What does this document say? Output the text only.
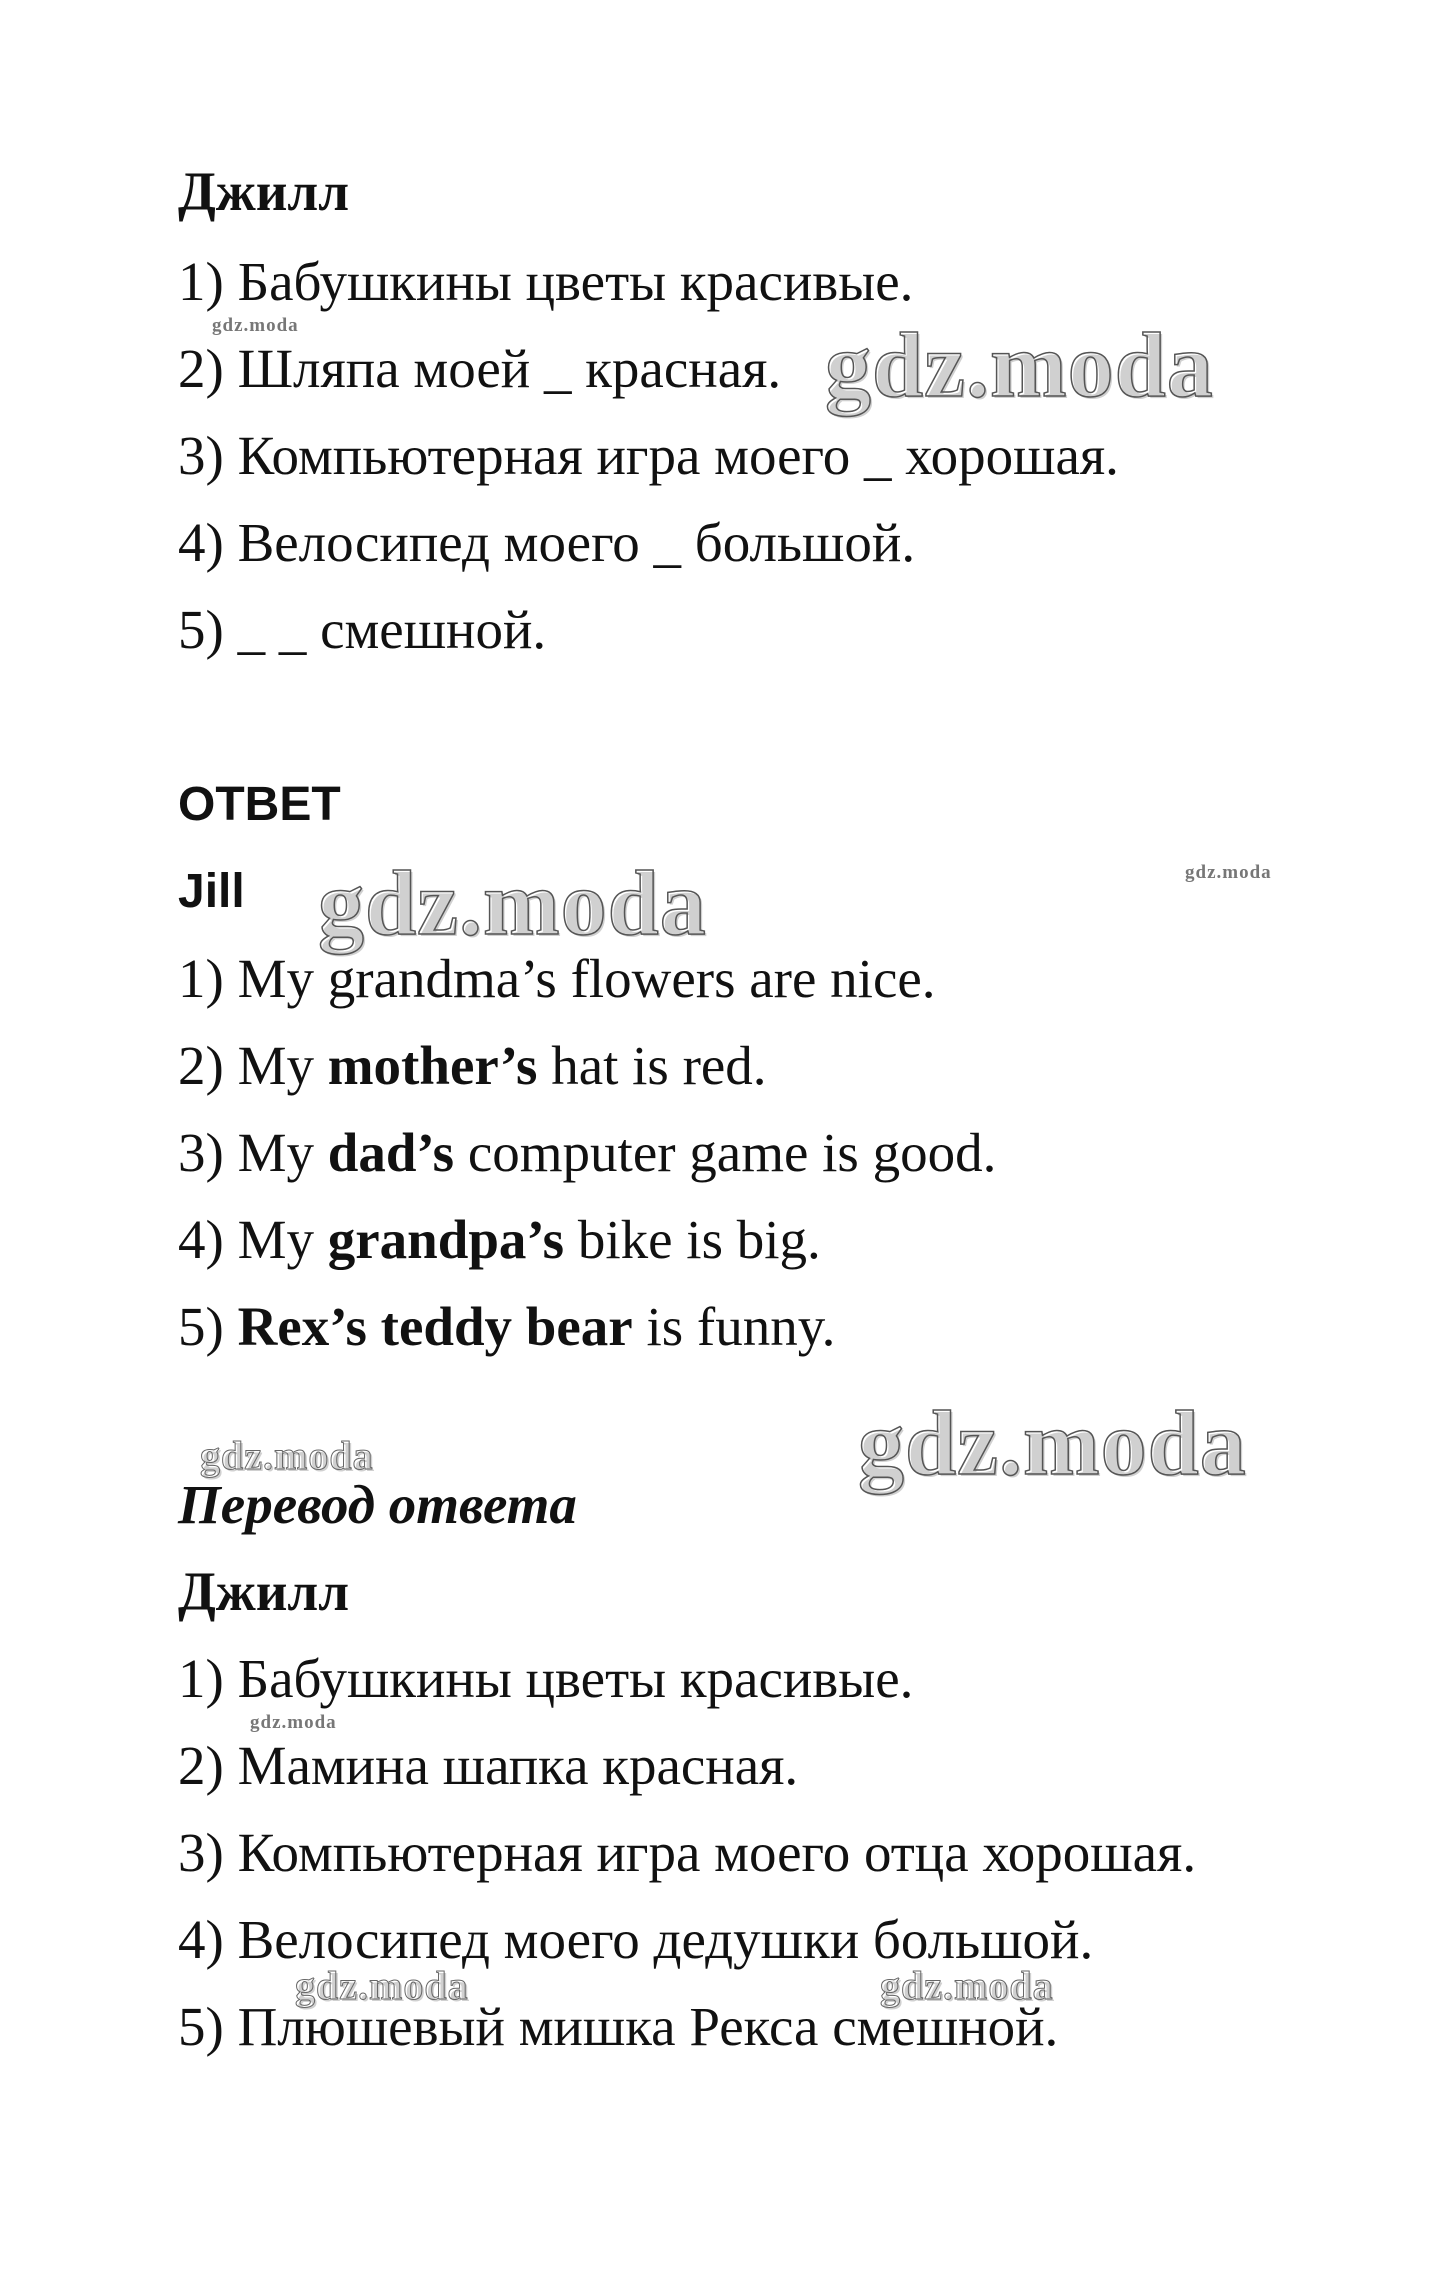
Джилл
1) Бабушкины цветы красивые.
2) Шляпа моей _ красная.
3) Компьютерная игра моего _ хорошая.
4) Велосипед моего _ большой.
5) _ _ смешной.
ОТВЕТ
Jill
1) My grandma’s flowers are nice.
2) My mother’s hat is red.
3) My dad’s computer game is good.
4) My grandpa’s bike is big.
5) Rex’s teddy bear is funny.
Перевод ответа
Джилл
1) Бабушкины цветы красивые.
2) Мамина шапка красная.
3) Компьютерная игра моего отца хорошая.
4) Велосипед моего дедушки большой.
5) Плюшевый мишка Рекса смешной.
gdz.moda	gdz.moda
gdz.moda
gdz.moda
gdz.moda	gdz.moda
gdz.moda
gdz.moda	gdz.moda
